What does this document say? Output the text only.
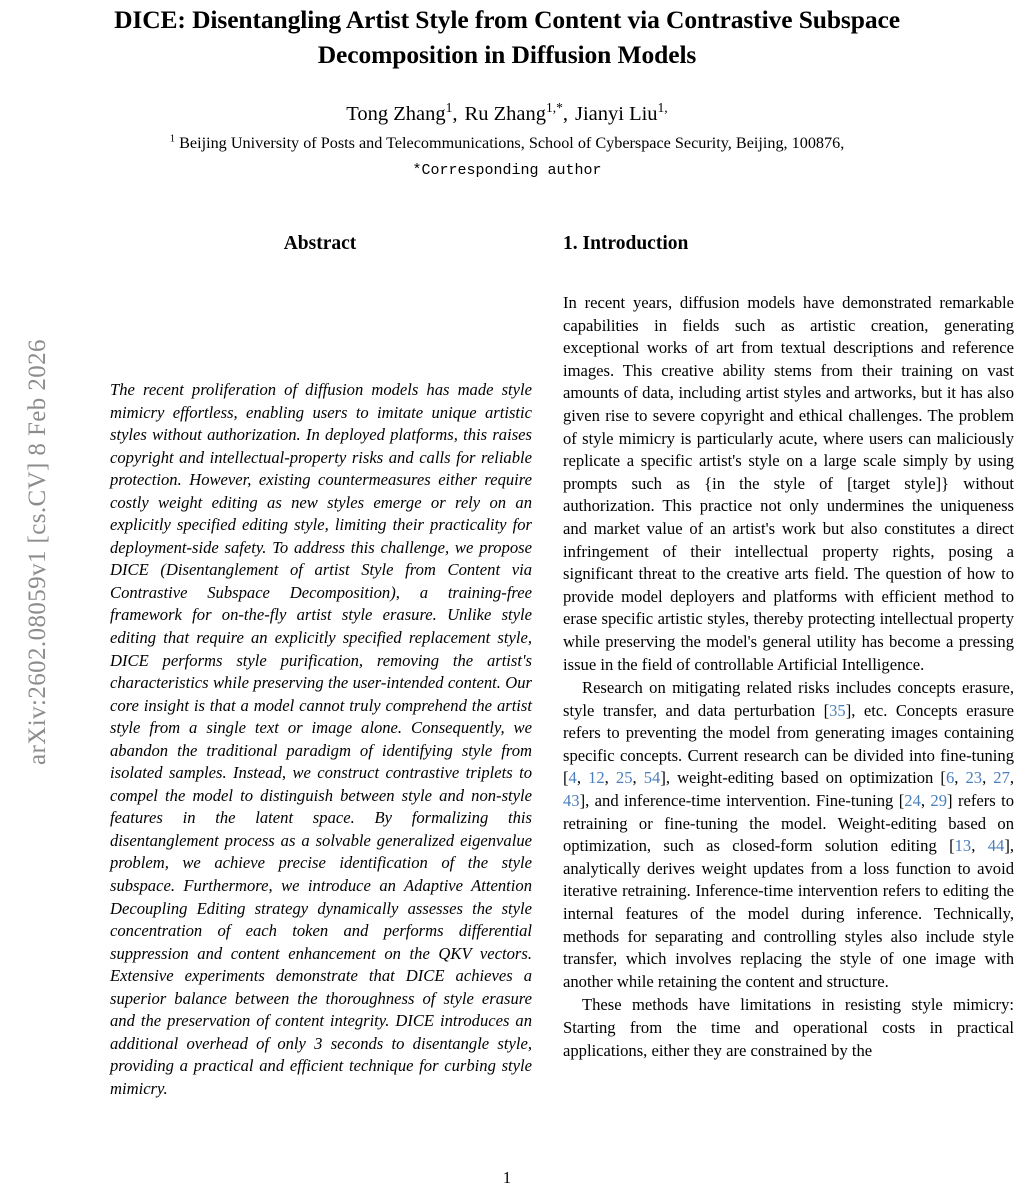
arXiv:2602.08059v1 [cs.CV] 8 Feb 2026
DICE: Disentangling Artist Style from Content via Contrastive Subspace
Decomposition in Diffusion Models
Tong Zhang$^1$, Ru Zhang$^{1,*}$, Jianyi Liu$^{1,}$
$^1$ Beijing University of Posts and Telecommunications, School of Cyberspace Security, Beijing, 100876,
*Corresponding author
Abstract
The recent proliferation of diffusion models has made style mimicry effortless, enabling users to imitate unique artistic styles without authorization. In deployed platforms, this raises copyright and intellectual-property risks and calls for reliable protection. However, existing countermeasures either require costly weight editing as new styles emerge or rely on an explicitly specified editing style, limiting their practicality for deployment-side safety. To address this challenge, we propose DICE (Disentanglement of artist Style from Content via Contrastive Subspace Decomposition), a training-free framework for on-the-fly artist style erasure. Unlike style editing that require an explicitly specified replacement style, DICE performs style purification, removing the artist's characteristics while preserving the user-intended content. Our core insight is that a model cannot truly comprehend the artist style from a single text or image alone. Consequently, we abandon the traditional paradigm of identifying style from isolated samples. Instead, we construct contrastive triplets to compel the model to distinguish between style and non-style features in the latent space. By formalizing this disentanglement process as a solvable generalized eigenvalue problem, we achieve precise identification of the style subspace. Furthermore, we introduce an Adaptive Attention Decoupling Editing strategy dynamically assesses the style concentration of each token and performs differential suppression and content enhancement on the QKV vectors. Extensive experiments demonstrate that DICE achieves a superior balance between the thoroughness of style erasure and the preservation of content integrity. DICE introduces an additional overhead of only 3 seconds to disentangle style, providing a practical and efficient technique for curbing style mimicry.
1. Introduction

In recent years, diffusion models have demonstrated remarkable capabilities in fields such as artistic creation, generating exceptional works of art from textual descriptions and reference images. This creative ability stems from their training on vast amounts of data, including artist styles and artworks, but it has also given rise to severe copyright and ethical challenges. The problem of style mimicry is particularly acute, where users can maliciously replicate a specific artist's style on a large scale simply by using prompts such as {in the style of [target style]} without authorization. This practice not only undermines the uniqueness and market value of an artist's work but also constitutes a direct infringement of their intellectual property rights, posing a significant threat to the creative arts field. The question of how to provide model deployers and platforms with efficient method to erase specific artistic styles, thereby protecting intellectual property while preserving the model's general utility has become a pressing issue in the field of controllable Artificial Intelligence.

Research on mitigating related risks includes concepts erasure, style transfer, and data perturbation [35], etc. Concepts erasure refers to preventing the model from generating images containing specific concepts. Current research can be divided into fine-tuning [4, 12, 25, 54], weight-editing based on optimization [6, 23, 27, 43], and inference-time intervention. Fine-tuning [24, 29] refers to retraining or fine-tuning the model. Weight-editing based on optimization, such as closed-form solution editing [13, 44], analytically derives weight updates from a loss function to avoid iterative retraining. Inference-time intervention refers to editing the internal features of the model during inference. Technically, methods for separating and controlling styles also include style transfer, which involves replacing the style of one image with another while retaining the content and structure.

These methods have limitations in resisting style mimicry: Starting from the time and operational costs in practical applications, either they are constrained by the

1
